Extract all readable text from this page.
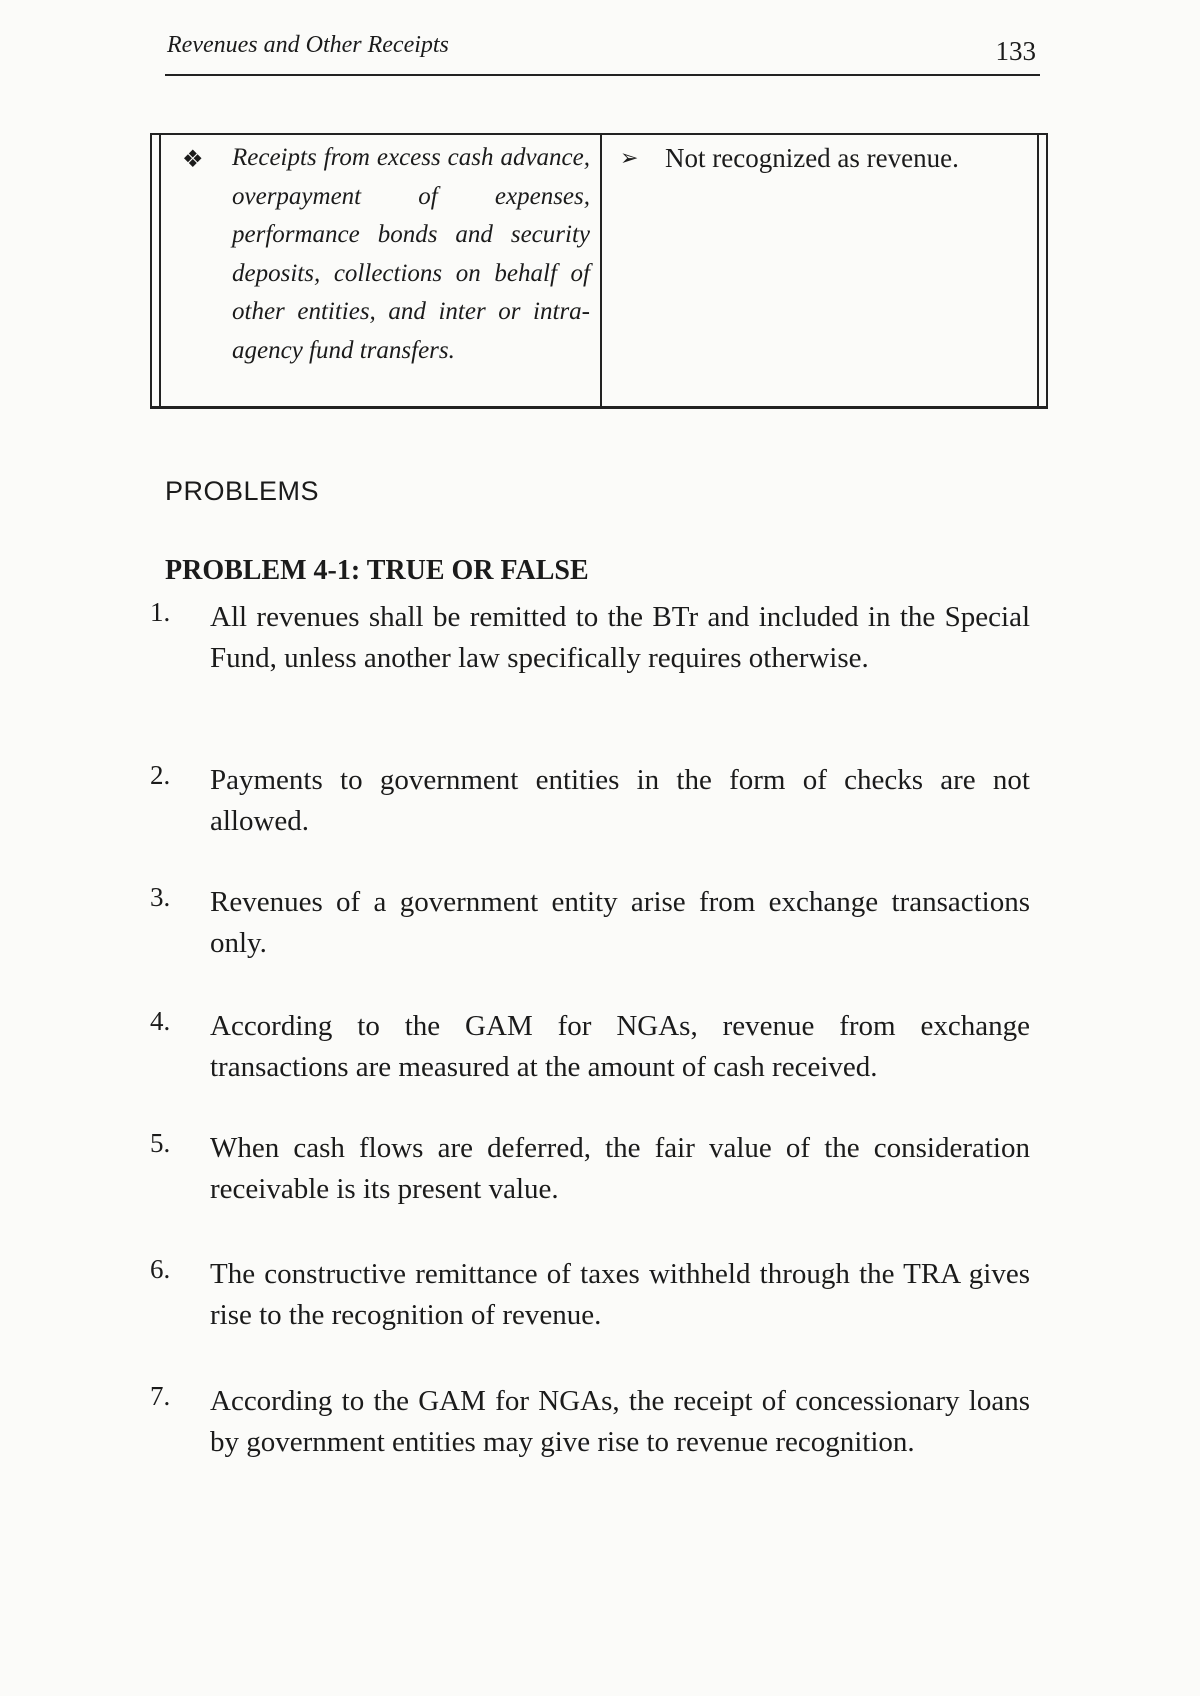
Revenues and Other Receipts	133
❖ Receipts from excess cash advance, overpayment of expenses, performance bonds and security deposits, collections on behalf of other entities, and inter or intra-agency fund transfers.
➢ Not recognized as revenue.
PROBLEMS
PROBLEM 4-1: TRUE OR FALSE
1. All revenues shall be remitted to the BTr and included in the Special Fund, unless another law specifically requires otherwise.
2. Payments to government entities in the form of checks are not allowed.
3. Revenues of a government entity arise from exchange transactions only.
4. According to the GAM for NGAs, revenue from exchange transactions are measured at the amount of cash received.
5. When cash flows are deferred, the fair value of the consideration receivable is its present value.
6. The constructive remittance of taxes withheld through the TRA gives rise to the recognition of revenue.
7. According to the GAM for NGAs, the receipt of concessionary loans by government entities may give rise to revenue recognition.
